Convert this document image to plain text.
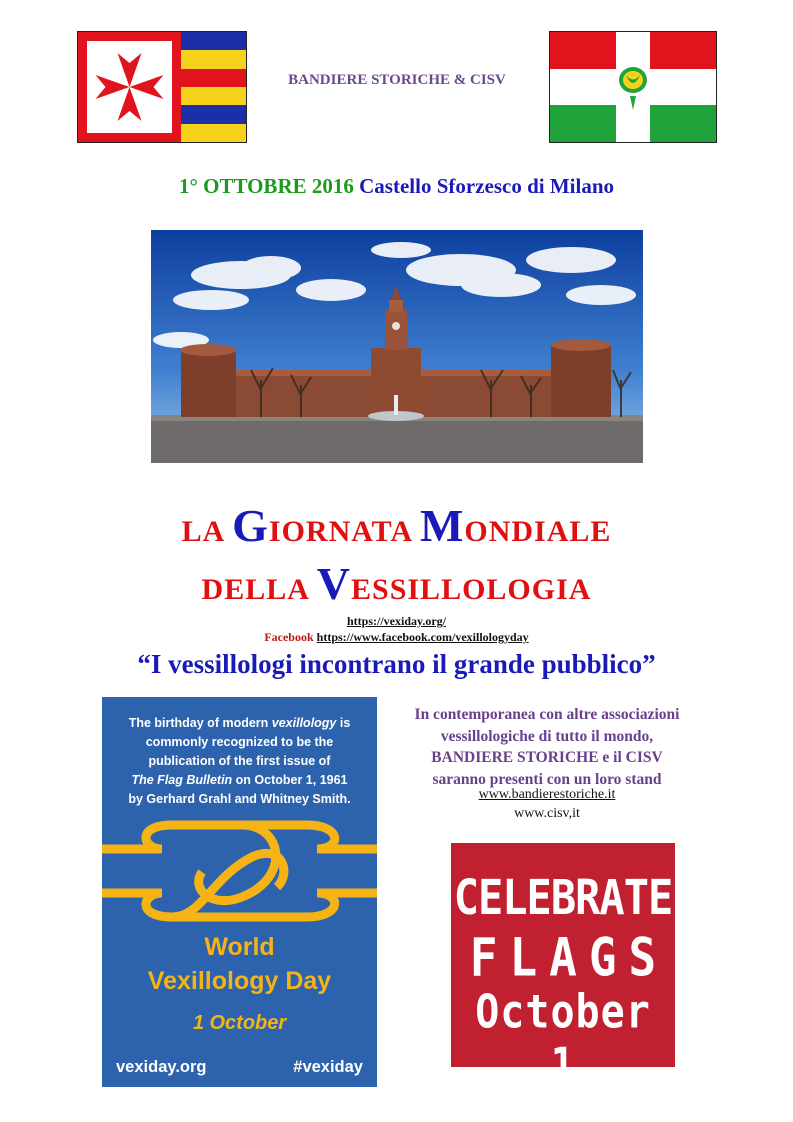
BANDIERE STORICHE & CISV
1° OTTOBRE 2016 Castello Sforzesco di Milano
LA GIORNATA MONDIALE
DELLA VESSILLOLOGIA
https://vexiday.org/
Facebook https://www.facebook.com/vexillologyday
“I vessillologi incontrano il grande pubblico”
The birthday of modern vexillology is
commonly recognized to be the
publication of the first issue of
The Flag Bulletin on October 1, 1961
by Gerhard Grahl and Whitney Smith.
World
Vexillology Day
1 October
vexiday.org	#vexiday
In contemporanea con altre associazioni
vessillologiche di tutto il mondo,
BANDIERE STORICHE e il CISV
saranno presenti con un loro stand
www.bandierestoriche.it
www.cisv,it
CELEBRATE
FLAGS
October 1
